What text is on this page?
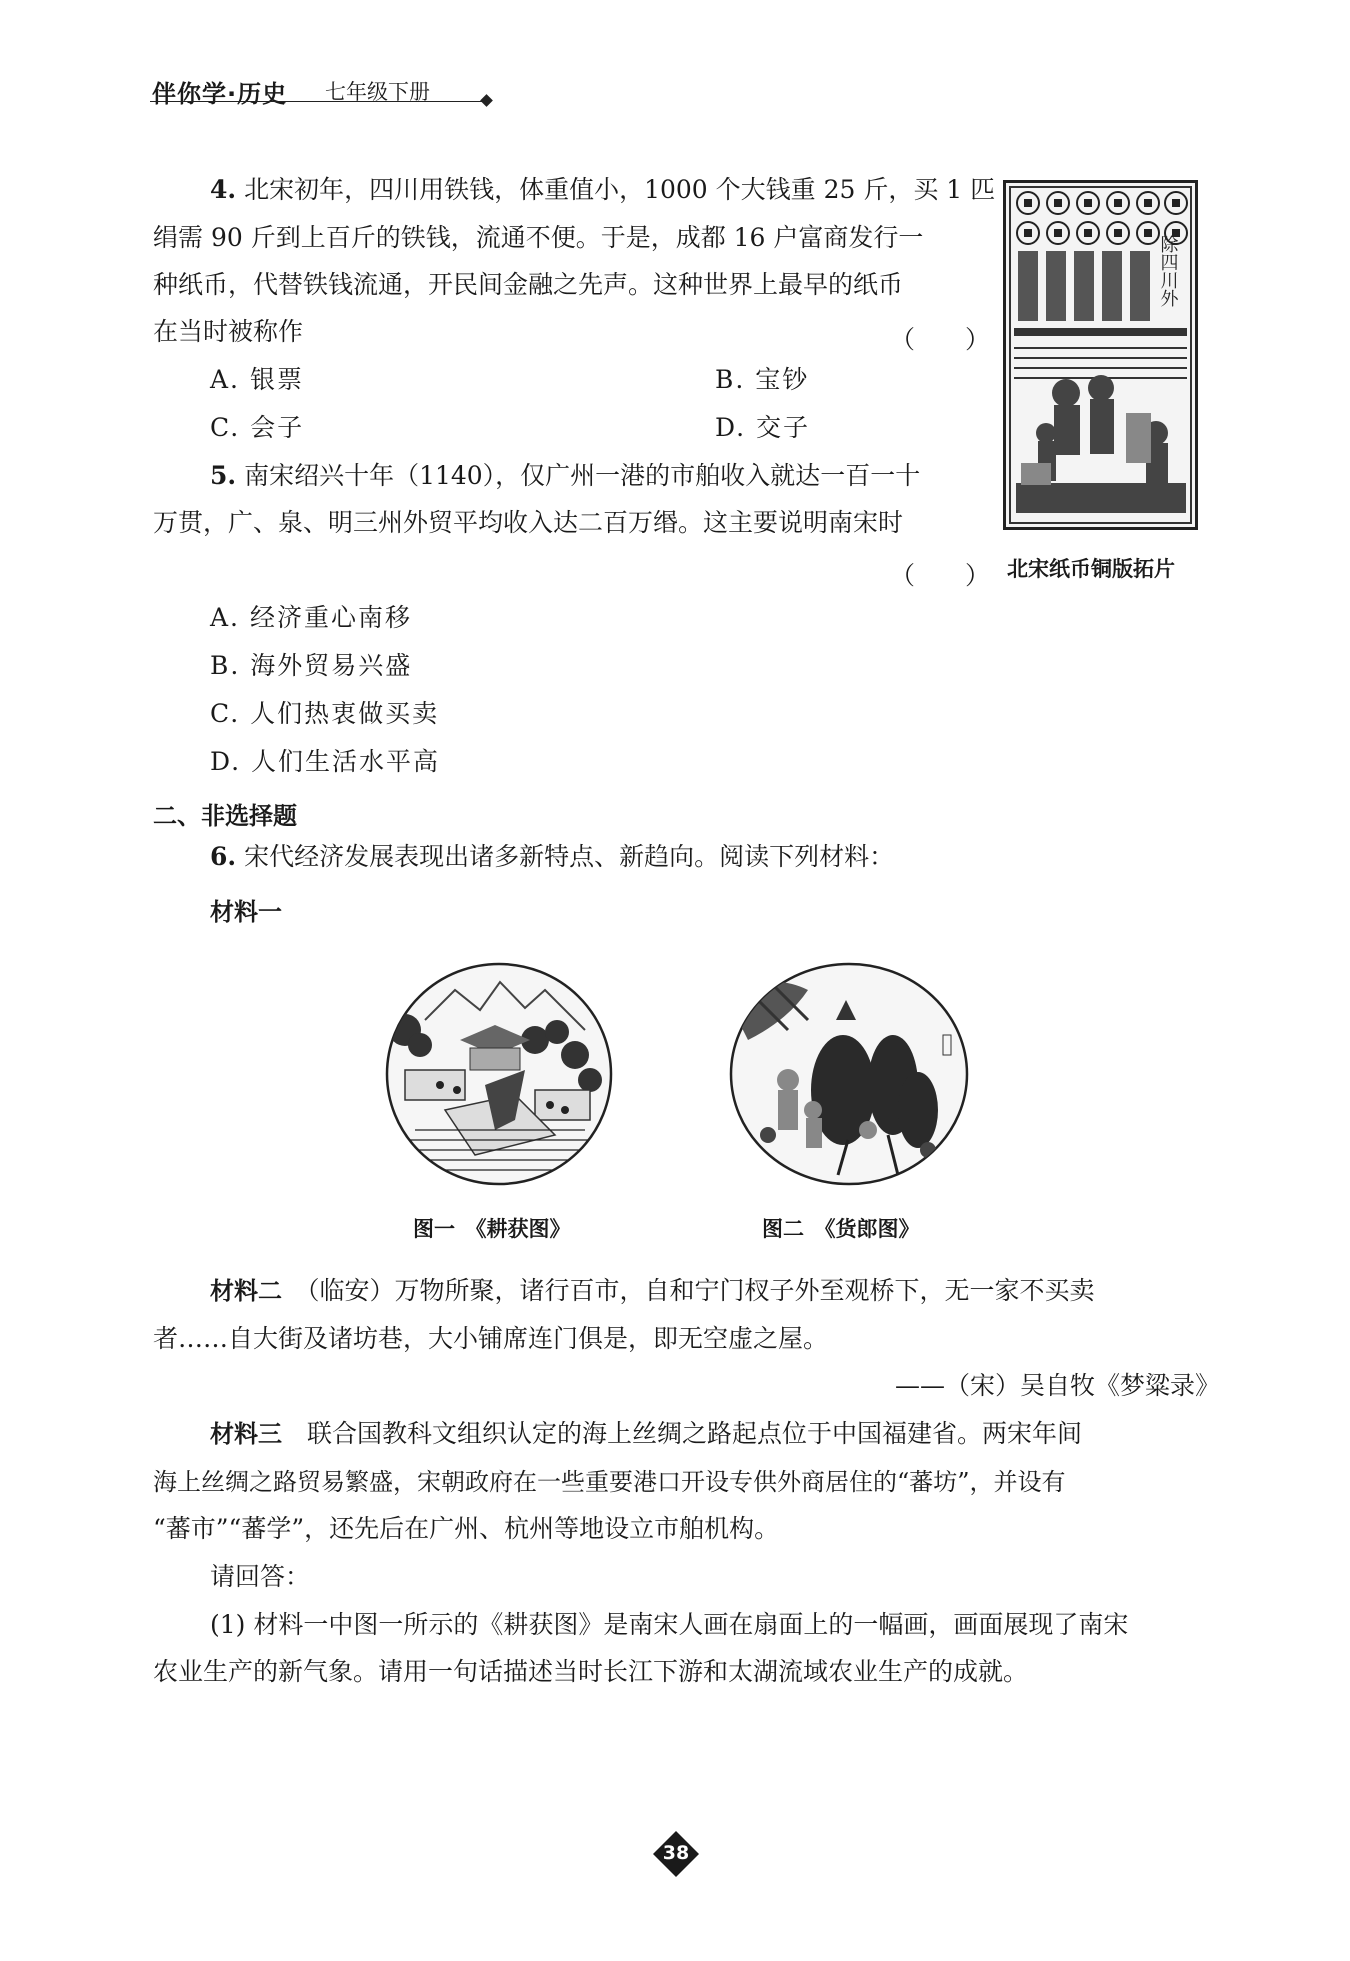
伴你学·历史 七年级下册
4. 北宋初年，四川用铁钱，体重值小，1000 个大钱重 25 斤，买 1 匹
绢需 90 斤到上百斤的铁钱，流通不便。于是，成都 16 户富商发行一
种纸币，代替铁钱流通，开民间金融之先声。这种世界上最早的纸币
在当时被称作	（　　）
A. 银票	B. 宝钞
C. 会子	D. 交子
除四川外
北宋纸币铜版拓片
5. 南宋绍兴十年（1140），仅广州一港的市舶收入就达一百一十
万贯，广、泉、明三州外贸平均收入达二百万缗。这主要说明南宋时
（　　）
A. 经济重心南移
B. 海外贸易兴盛
C. 人们热衷做买卖
D. 人们生活水平高
二、非选择题
6. 宋代经济发展表现出诸多新特点、新趋向。阅读下列材料：
材料一
图一　《耕获图》	图二　《货郎图》
材料二　 （临安）万物所聚，诸行百市，自和宁门杈子外至观桥下，无一家不买卖
者……自大街及诸坊巷，大小铺席连门俱是，即无空虚之屋。
——（宋）吴自牧《梦粱录》
材料三　 联合国教科文组织认定的海上丝绸之路起点位于中国福建省。两宋年间
海上丝绸之路贸易繁盛，宋朝政府在一些重要港口开设专供外商居住的“蕃坊”，并设有
“蕃市”“蕃学”，还先后在广州、杭州等地设立市舶机构。
请回答：
(1) 材料一中图一所示的《耕获图》是南宋人画在扇面上的一幅画，画面展现了南宋
农业生产的新气象。请用一句话描述当时长江下游和太湖流域农业生产的成就。
38
